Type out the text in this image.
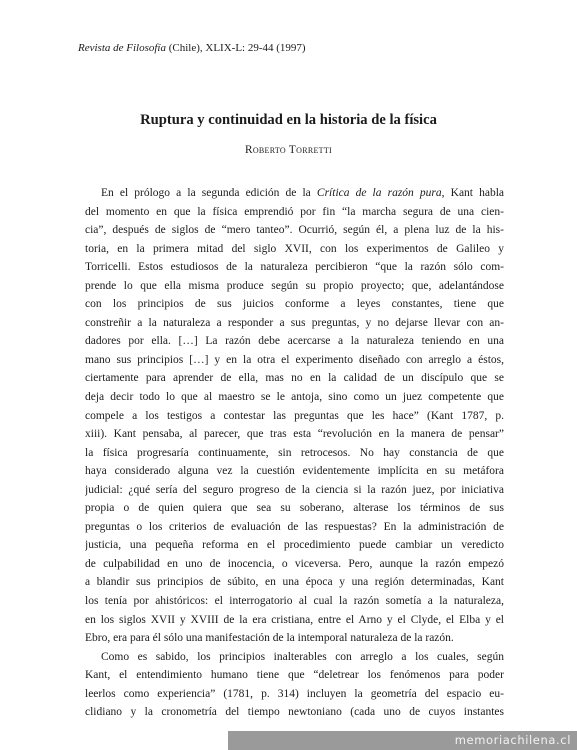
Revista de Filosofía (Chile), XLIX-L: 29-44 (1997)
Ruptura y continuidad en la historia de la física
Roberto Torretti
En el prólogo a la segunda edición de la Crítica de la razón pura, Kant habla
del momento en que la física emprendió por fin “la marcha segura de una cien-
cia”, después de siglos de “mero tanteo”. Ocurrió, según él, a plena luz de la his-
toria, en la primera mitad del siglo XVII, con los experimentos de Galileo y
Torricelli. Estos estudiosos de la naturaleza percibieron “que la razón sólo com-
prende lo que ella misma produce según su propio proyecto; que, adelantándose
con los principios de sus juicios conforme a leyes constantes, tiene que
constreñir a la naturaleza a responder a sus preguntas, y no dejarse llevar con an-
dadores por ella. […] La razón debe acercarse a la naturaleza teniendo en una
mano sus principios […] y en la otra el experimento diseñado con arreglo a éstos,
ciertamente para aprender de ella, mas no en la calidad de un discípulo que se
deja decir todo lo que al maestro se le antoja, sino como un juez competente que
compele a los testigos a contestar las preguntas que les hace” (Kant 1787, p.
xiii). Kant pensaba, al parecer, que tras esta “revolución en la manera de pensar”
la física progresaría continuamente, sin retrocesos. No hay constancia de que
haya considerado alguna vez la cuestión evidentemente implícita en su metáfora
judicial: ¿qué sería del seguro progreso de la ciencia si la razón juez, por iniciativa
propia o de quien quiera que sea su soberano, alterase los términos de sus
preguntas o los criterios de evaluación de las respuestas? En la administración de
justicia, una pequeña reforma en el procedimiento puede cambiar un veredicto
de culpabilidad en uno de inocencia, o viceversa. Pero, aunque la razón empezó
a blandir sus principios de súbito, en una época y una región determinadas, Kant
los tenía por ahistóricos: el interrogatorio al cual la razón sometía a la naturaleza,
en los siglos XVII y XVIII de la era cristiana, entre el Arno y el Clyde, el Elba y el
Ebro, era para él sólo una manifestación de la intemporal naturaleza de la razón.
Como es sabido, los principios inalterables con arreglo a los cuales, según
Kant, el entendimiento humano tiene que “deletrear los fenómenos para poder
leerlos como experiencia” (1781, p. 314) incluyen la geometría del espacio eu-
clidiano y la cronometría del tiempo newtoniano (cada uno de cuyos instantes
memoriachilena.cl
